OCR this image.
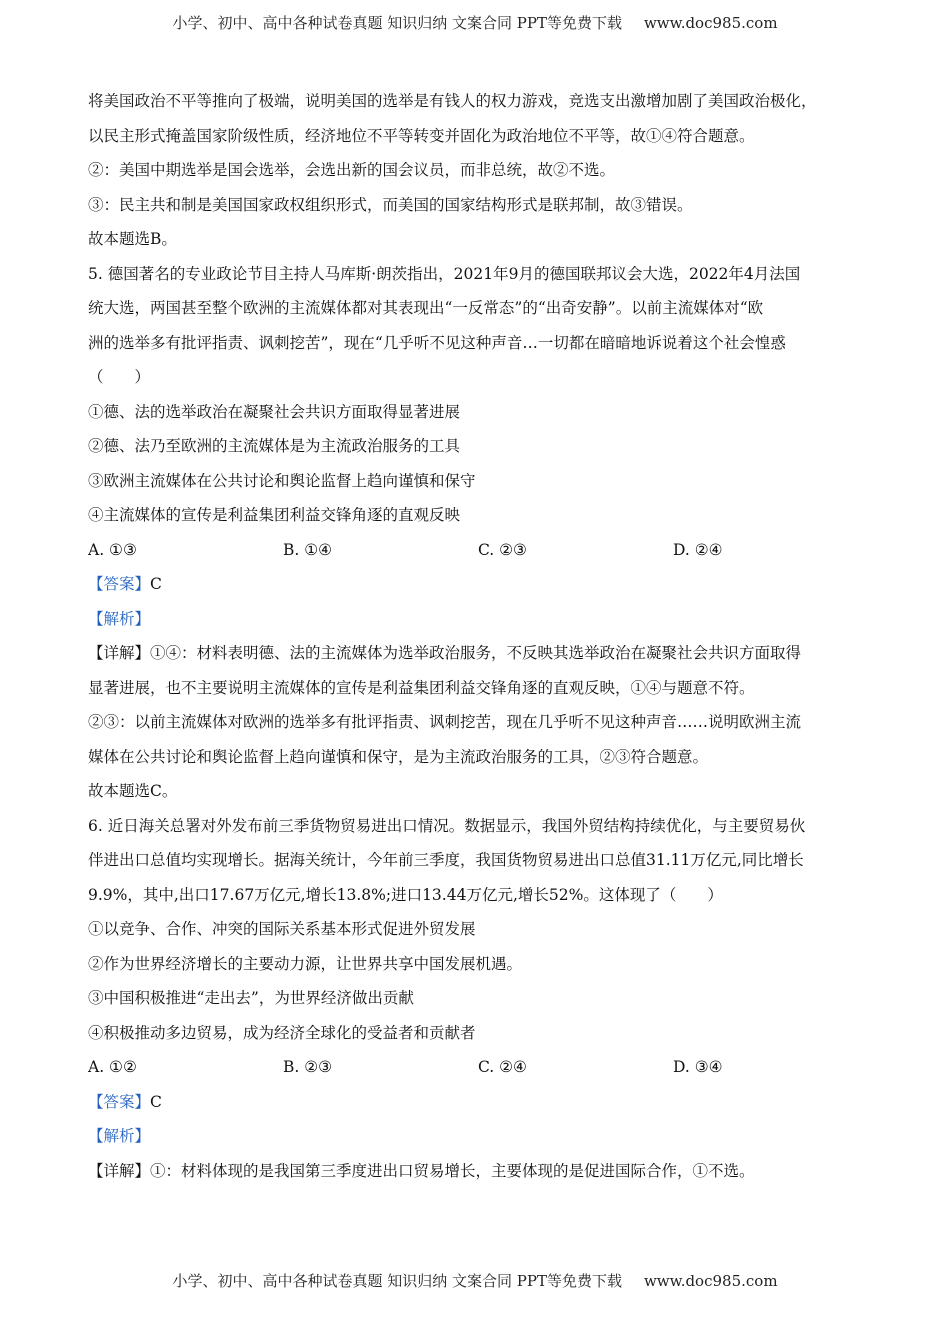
小学、初中、高中各种试卷真题 知识归纳 文案合同 PPT等免费下载 www.doc985.com
将美国政治不平等推向了极端，说明美国的选举是有钱人的权力游戏，竞选支出激增加剧了美国政治极化，
以民主形式掩盖国家阶级性质，经济地位不平等转变并固化为政治地位不平等，故①④符合题意。
②：美国中期选举是国会选举，会选出新的国会议员，而非总统，故②不选。
③：民主共和制是美国国家政权组织形式，而美国的国家结构形式是联邦制，故③错误。
故本题选B。
5. 德国著名的专业政论节目主持人马库斯·朗茨指出，2021年9月的德国联邦议会大选，2022年4月法国
统大选，两国甚至整个欧洲的主流媒体都对其表现出“一反常态”的“出奇安静”。以前主流媒体对“欧
洲的选举多有批评指责、讽刺挖苦”，现在“几乎听不见这种声音…一切都在暗暗地诉说着这个社会惶惑
（　　）
①德、法的选举政治在凝聚社会共识方面取得显著进展
②德、法乃至欧洲的主流媒体是为主流政治服务的工具
③欧洲主流媒体在公共讨论和舆论监督上趋向谨慎和保守
④主流媒体的宣传是利益集团利益交锋角逐的直观反映
A. ①③	B. ①④	C. ②③	D. ②④
【答案】C
【解析】
【详解】①④：材料表明德、法的主流媒体为选举政治服务，不反映其选举政治在凝聚社会共识方面取得
显著进展，也不主要说明主流媒体的宣传是利益集团利益交锋角逐的直观反映，①④与题意不符。
②③：以前主流媒体对欧洲的选举多有批评指责、讽刺挖苦，现在几乎听不见这种声音……说明欧洲主流
媒体在公共讨论和舆论监督上趋向谨慎和保守，是为主流政治服务的工具，②③符合题意。
故本题选C。
6. 近日海关总署对外发布前三季货物贸易进出口情况。数据显示，我国外贸结构持续优化，与主要贸易伙
伴进出口总值均实现增长。据海关统计，今年前三季度，我国货物贸易进出口总值31.11万亿元,同比增长
9.9%，其中,出口17.67万亿元,增长13.8%;进口13.44万亿元,增长52%。这体现了（　　）
①以竞争、合作、冲突的国际关系基本形式促进外贸发展
②作为世界经济增长的主要动力源，让世界共享中国发展机遇。
③中国积极推进“走出去”，为世界经济做出贡献
④积极推动多边贸易，成为经济全球化的受益者和贡献者
A. ①②	B. ②③	C. ②④	D. ③④
【答案】C
【解析】
【详解】①：材料体现的是我国第三季度进出口贸易增长，主要体现的是促进国际合作，①不选。
小学、初中、高中各种试卷真题 知识归纳 文案合同 PPT等免费下载 www.doc985.com
